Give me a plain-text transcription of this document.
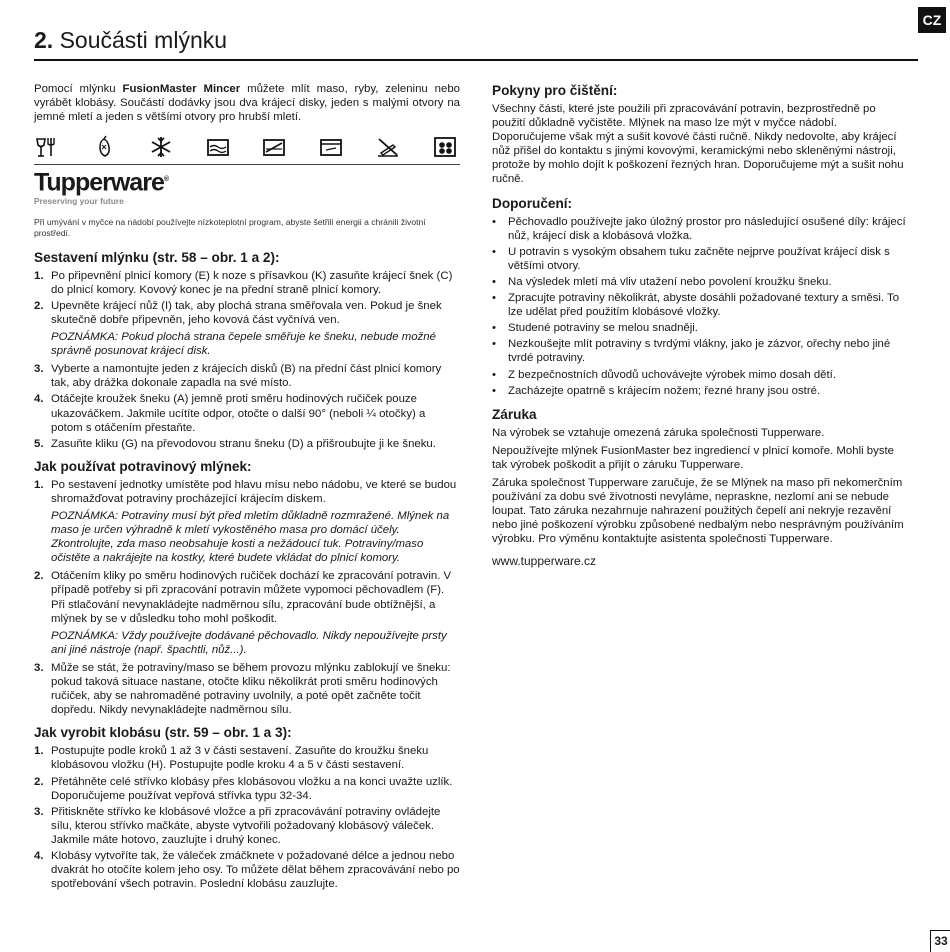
CZ
2. Součásti mlýnku

Pomocí mlýnku FusionMaster Mincer můžete mlít maso, ryby, zeleninu nebo vyrábět klobásy. Součástí dodávky jsou dva krájecí disky, jeden s malými otvory na jemné mletí a jeden s většími otvory pro hrubší mletí.

Tupperware®
Preserving your future
Při umývání v myčce na nádobí používejte nízkoteplotní program, abyste šetřili energii a chránili životní prostředí.
Sestavení mlýnku (str. 58 – obr. 1 a 2):
1. Po připevnění plnicí komory (E) k noze s přísavkou (K) zasuňte krájecí šnek (C) do plnicí komory. Kovový konec je na přední straně plnicí komory.
2. Upevněte krájecí nůž (I) tak, aby plochá strana směřovala ven. Pokud je šnek skutečně dobře připevněn, jeho kovová část vyčnívá ven.

POZNÁMKA: Pokud plochá strana čepele směřuje ke šneku, nebude možné správně posunovat krájecí disk.

3. Vyberte a namontujte jeden z krájecích disků (B) na přední část plnicí komory tak, aby drážka dokonale zapadla na své místo.
4. Otáčejte kroužek šneku (A) jemně proti směru hodinových ručiček pouze ukazováčkem. Jakmile ucítíte odpor, otočte o další 90° (neboli ¼ otočky) a potom s otáčením přestaňte.
5. Zasuňte kliku (G) na převodovou stranu šneku (D) a přišroubujte ji ke šneku.
Jak používat potravinový mlýnek:
1. Po sestavení jednotky umístěte pod hlavu mísu nebo nádobu, ve které se budou shromažďovat potraviny procházející krájecím diskem.

POZNÁMKA: Potraviny musí být před mletím důkladně rozmražené. Mlýnek na maso je určen výhradně k mletí vykostěného masa pro domácí účely. Zkontrolujte, zda maso neobsahuje kosti a nežádoucí tuk. Potraviny/maso očistěte a nakrájejte na kostky, které budete vkládat do plnicí komory.

2. Otáčením kliky po směru hodinových ručiček dochází ke zpracování potravin. V případě potřeby si při zpracování potravin můžete vypomoci pěchovadlem (F). Při stlačování nevynakládejte nadměrnou sílu, zpracování bude obtížnější, a mlýnek by se v důsledku toho mohl poškodit.

POZNÁMKA: Vždy používejte dodávané pěchovadlo. Nikdy nepoužívejte prsty ani jiné nástroje (např. špachtli, nůž...).

3. Může se stát, že potraviny/maso se během provozu mlýnku zablokují ve šneku: pokud taková situace nastane, otočte kliku několikrát proti směru hodinových ručiček, aby se nahromaděné potraviny uvolnily, a poté opět začněte točit dopředu. Nikdy nevynakládejte nadměrnou sílu.
Jak vyrobit klobásu (str. 59 – obr. 1 a 3):
1. Postupujte podle kroků 1 až 3 v části sestavení. Zasuňte do kroužku šneku klobásovou vložku (H). Postupujte podle kroku 4 a 5 v části sestavení.
2. Přetáhněte celé střívko klobásy přes klobásovou vložku a na konci uvažte uzlík. Doporučujeme používat vepřová střívka typu 32-34.
3. Přitiskněte střívko ke klobásové vložce a při zpracovávání potraviny ovládejte sílu, kterou střívko mačkáte, abyste vytvořili požadovaný klobásový váleček. Jakmile máte hotovo, zauzlujte i druhý konec.
4. Klobásy vytvoříte tak, že váleček zmáčknete v požadované délce a jednou nebo dvakrát ho otočíte kolem jeho osy. To můžete dělat během zpracovávání nebo po spotřebování všech potravin. Poslední klobásu zauzlujte.
Pokyny pro čištění:

Všechny části, které jste použili při zpracovávání potravin, bezprostředně po použití důkladně vyčistěte. Mlýnek na maso lze mýt v myčce nádobí. Doporučujeme však mýt a sušit kovové části ručně. Nikdy nedovolte, aby krájecí nůž přišel do kontaktu s jinými kovovými, keramickými nebo skleněnými nástroji, protože by mohlo dojít k poškození řezných hran. Doporučujeme mýt a sušit nohu ručně.

Doporučení:
• Pěchovadlo používejte jako úložný prostor pro následující osušené díly: krájecí nůž, krájecí disk a klobásová vložka.
• U potravin s vysokým obsahem tuku začněte nejprve používat krájecí disk s většími otvory.
• Na výsledek mletí má vliv utažení nebo povolení kroužku šneku.
• Zpracujte potraviny několikrát, abyste dosáhli požadované textury a směsi. To lze udělat před použitím klobásové vložky.
• Studené potraviny se melou snadněji.
• Nezkoušejte mlít potraviny s tvrdými vlákny, jako je zázvor, ořechy nebo jiné tvrdé potraviny.
• Z bezpečnostních důvodů uchovávejte výrobek mimo dosah dětí.
• Zacházejte opatrně s krájecím nožem; řezné hrany jsou ostré.
Záruka

Na výrobek se vztahuje omezená záruka společnosti Tupperware.

Nepoužívejte mlýnek FusionMaster bez ingrediencí v plnicí komoře. Mohli byste tak výrobek poškodit a přijít o záruku Tupperware.

Záruka společnost Tupperware zaručuje, že se Mlýnek na maso při nekomerčním používání za dobu své životnosti nevyláme, nepraskne, nezlomí ani se nebude loupat. Tato záruka nezahrnuje nahrazení použitých čepelí ani nekryje rezavění nebo jiné poškození výrobku způsobené nedbalým nebo nesprávným používáním výrobku. Pro výměnu kontaktujte asistenta společnosti Tupperware.

www.tupperware.cz

33
